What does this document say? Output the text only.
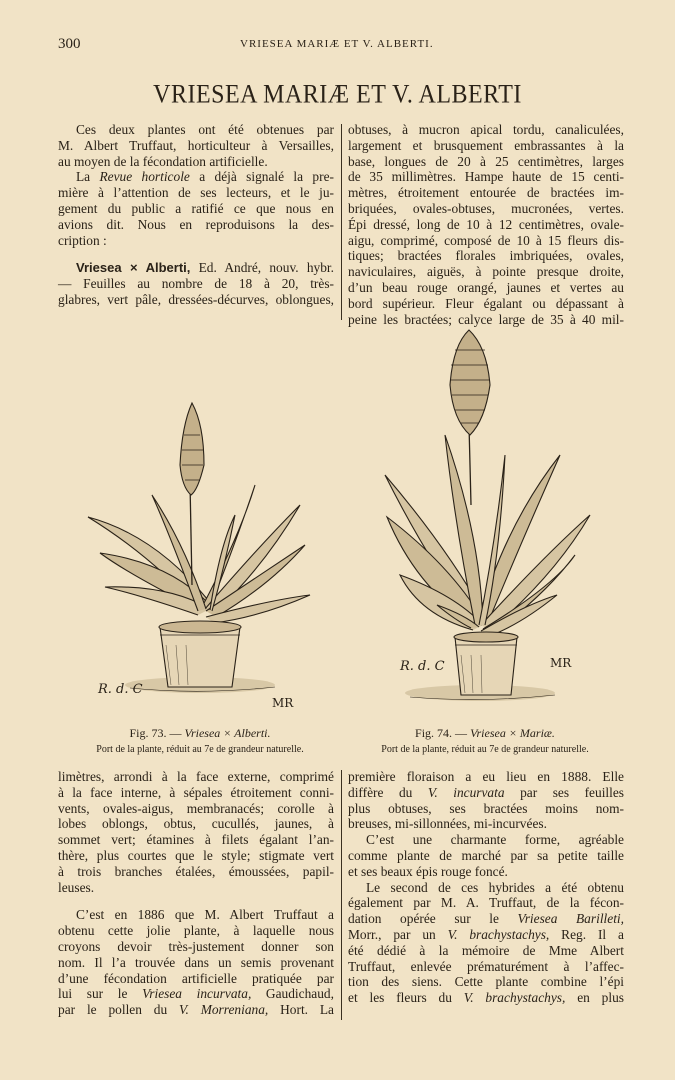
300	VRIESEA MARIÆ ET V. ALBERTI.
VRIESEA MARIÆ ET V. ALBERTI

Ces deux plantes ont été obtenues par
M. Albert Truffaut, horticulteur à Versailles,
au moyen de la fécondation artificielle.

La Revue horticole a déjà signalé la pre-
mière à l’attention de ses lecteurs, et le ju-
gement du public a ratifié ce que nous en
avions dit. Nous en reproduisons la des-
cription :

Vriesea × Alberti, Ed. André, nouv. hybr.
— Feuilles au nombre de 18 à 20, très-
glabres, vert pâle, dressées-décurves, oblongues,

obtuses, à mucron apical tordu, canaliculées,
largement et brusquement embrassantes à la
base, longues de 20 à 25 centimètres, larges
de 35 millimètres. Hampe haute de 15 centi-
mètres, étroitement entourée de bractées im-
briquées, ovales-obtuses, mucronées, vertes.
Épi dressé, long de 10 à 12 centimètres, ovale-
aigu, comprimé, composé de 10 à 15 fleurs dis-
tiques; bractées florales imbriquées, ovales,
naviculaires, aiguës, à pointe presque droite,
d’un beau rouge orangé, jaunes et vertes au
bord supérieur. Fleur égalant ou dépassant à
peine les bractées; calyce large de 35 à 40 mil-

R. d. C
MR
R. d. C	MR
Fig. 73. — Vriesea × Alberti.
Port de la plante, réduit au 7e de grandeur naturelle.
Fig. 74. — Vriesea × Mariæ.
Port de la plante, réduit au 7e de grandeur naturelle.

limètres, arrondi à la face externe, comprimé
à la face interne, à sépales étroitement conni-
vents, ovales-aigus, membranacés; corolle à
lobes oblongs, obtus, cucullés, jaunes, à
sommet vert; étamines à filets égalant l’an-
thère, plus courtes que le style; stigmate vert
à trois branches étalées, émoussées, papil-
leuses.

C’est en 1886 que M. Albert Truffaut a
obtenu cette jolie plante, à laquelle nous
croyons devoir très-justement donner son
nom. Il l’a trouvée dans un semis provenant
d’une fécondation artificielle pratiquée par
lui sur le Vriesea incurvata, Gaudichaud,
par le pollen du V. Morreniana, Hort. La

première floraison a eu lieu en 1888. Elle
diffère du V. incurvata par ses feuilles
plus obtuses, ses bractées moins nom-
breuses, mi-sillonnées, mi-incurvées.

C’est une charmante forme, agréable
comme plante de marché par sa petite taille
et ses beaux épis rouge foncé.

Le second de ces hybrides a été obtenu
également par M. A. Truffaut, de la fécon-
dation opérée sur le Vriesea Barilleti,
Morr., par un V. brachystachys, Reg. Il a
été dédié à la mémoire de Mme Albert
Truffaut, enlevée prématurément à l’affec-
tion des siens. Cette plante combine l’épi
et les fleurs du V. brachystachys, en plus
